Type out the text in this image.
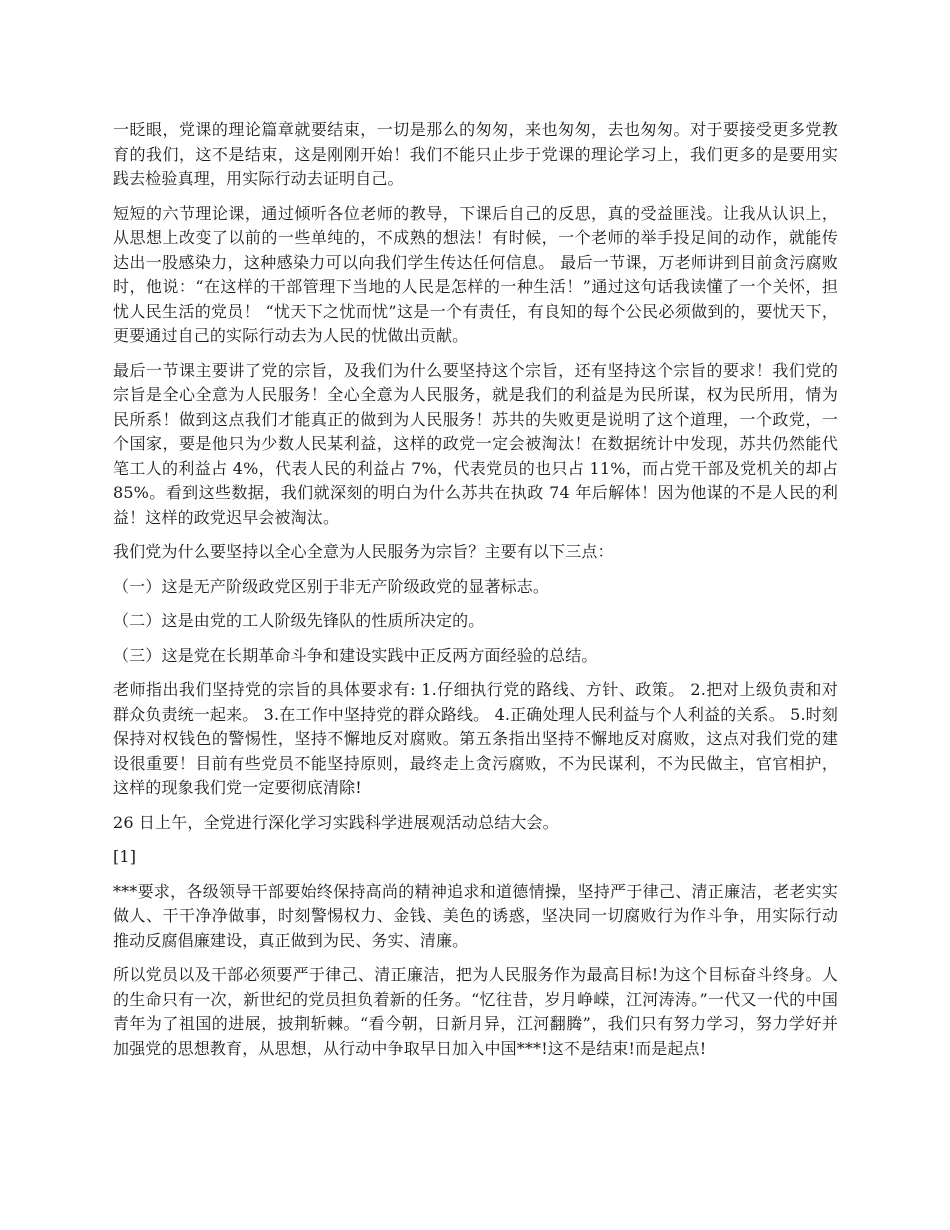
一眨眼，党课的理论篇章就要结束，一切是那么的匆匆，来也匆匆，去也匆匆。对于要接受更多党教育的我们，这不是结束，这是刚刚开始！我们不能只止步于党课的理论学习上，我们更多的是要用实践去检验真理，用实际行动去证明自己。

短短的六节理论课，通过倾听各位老师的教导，下课后自己的反思，真的受益匪浅。让我从认识上，从思想上改变了以前的一些单纯的，不成熟的想法！有时候，一个老师的举手投足间的动作，就能传达出一股感染力，这种感染力可以向我们学生传达任何信息。 最后一节课，万老师讲到目前贪污腐败时，他说：“在这样的干部管理下当地的人民是怎样的一种生活！”通过这句话我读懂了一个关怀，担忧人民生活的党员！ “忧天下之忧而忧”这是一个有责任，有良知的每个公民必须做到的，要忧天下，更要通过自己的实际行动去为人民的忧做出贡献。

最后一节课主要讲了党的宗旨，及我们为什么要坚持这个宗旨，还有坚持这个宗旨的要求！我们党的宗旨是全心全意为人民服务！全心全意为人民服务，就是我们的利益是为民所谋，权为民所用，情为民所系！做到这点我们才能真正的做到为人民服务！苏共的失败更是说明了这个道理，一个政党，一个国家，要是他只为少数人民某利益，这样的政党一定会被淘汰！在数据统计中发现，苏共仍然能代笔工人的利益占 4%，代表人民的利益占 7%，代表党员的也只占 11%，而占党干部及党机关的却占 85%。看到这些数据，我们就深刻的明白为什么苏共在执政 74 年后解体！因为他谋的不是人民的利益！这样的政党迟早会被淘汰。

我们党为什么要坚持以全心全意为人民服务为宗旨？主要有以下三点：

（一）这是无产阶级政党区别于非无产阶级政党的显著标志。

（二）这是由党的工人阶级先锋队的性质所决定的。

（三）这是党在长期革命斗争和建设实践中正反两方面经验的总结。

老师指出我们坚持党的宗旨的具体要求有: 1.仔细执行党的路线、方针、政策。 2.把对上级负责和对群众负责统一起来。 3.在工作中坚持党的群众路线。 4.正确处理人民利益与个人利益的关系。 5.时刻保持对权钱色的警惕性，坚持不懈地反对腐败。第五条指出坚持不懈地反对腐败，这点对我们党的建设很重要！目前有些党员不能坚持原则，最终走上贪污腐败，不为民谋利，不为民做主，官官相护，这样的现象我们党一定要彻底清除!

26 日上午，全党进行深化学习实践科学进展观活动总结大会。

[1]

***要求，各级领导干部要始终保持高尚的精神追求和道德情操，坚持严于律己、清正廉洁，老老实实做人、干干净净做事，时刻警惕权力、金钱、美色的诱惑，坚决同一切腐败行为作斗争，用实际行动推动反腐倡廉建设，真正做到为民、务实、清廉。

所以党员以及干部必须要严于律己、清正廉洁，把为人民服务作为最高目标!为这个目标奋斗终身。人的生命只有一次，新世纪的党员担负着新的任务。“忆往昔，岁月峥嵘，江河涛涛。”一代又一代的中国青年为了祖国的进展，披荆斩棘。“看今朝，日新月异，江河翻腾”，我们只有努力学习，努力学好并加强党的思想教育，从思想，从行动中争取早日加入中国***!这不是结束!而是起点!
